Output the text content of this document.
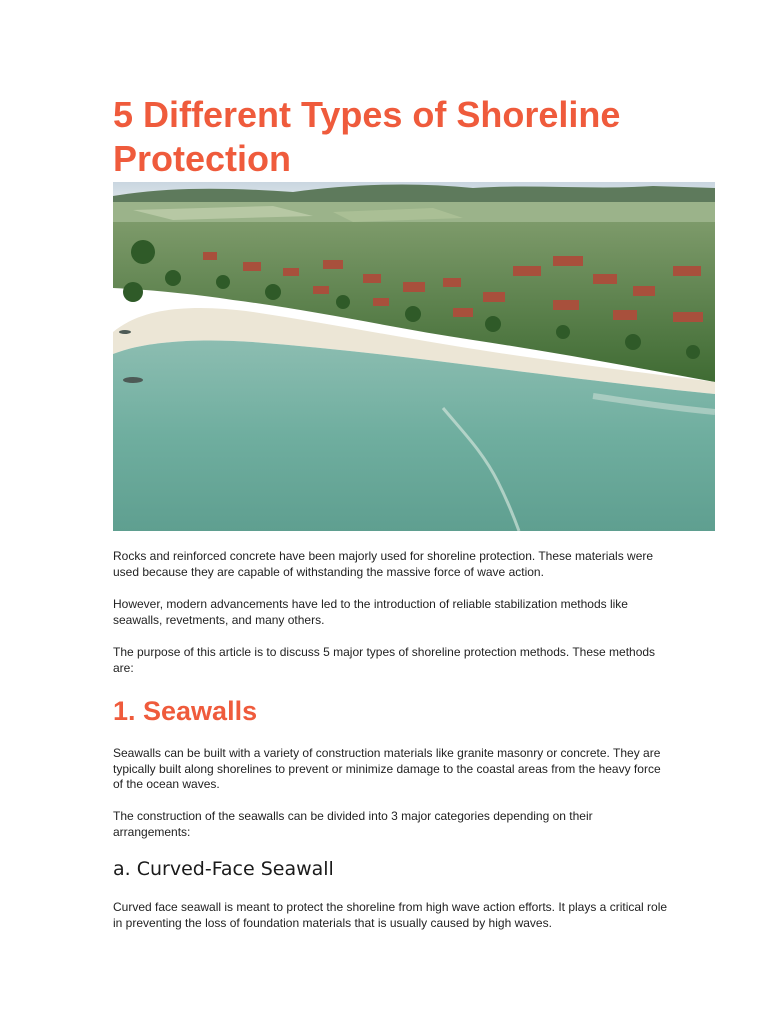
5 Different Types of Shoreline Protection

Rocks and reinforced concrete have been majorly used for shoreline protection. These materials were used because they are capable of withstanding the massive force of wave action.

However, modern advancements have led to the introduction of reliable stabilization methods like seawalls, revetments, and many others.

The purpose of this article is to discuss 5 major types of shoreline protection methods. These methods are:

1. Seawalls

Seawalls can be built with a variety of construction materials like granite masonry or concrete. They are typically built along shorelines to prevent or minimize damage to the coastal areas from the heavy force of the ocean waves.

The construction of the seawalls can be divided into 3 major categories depending on their arrangements:

a. Curved-Face Seawall

Curved face seawall is meant to protect the shoreline from high wave action efforts. It plays a critical role in preventing the loss of foundation materials that is usually caused by high waves.
